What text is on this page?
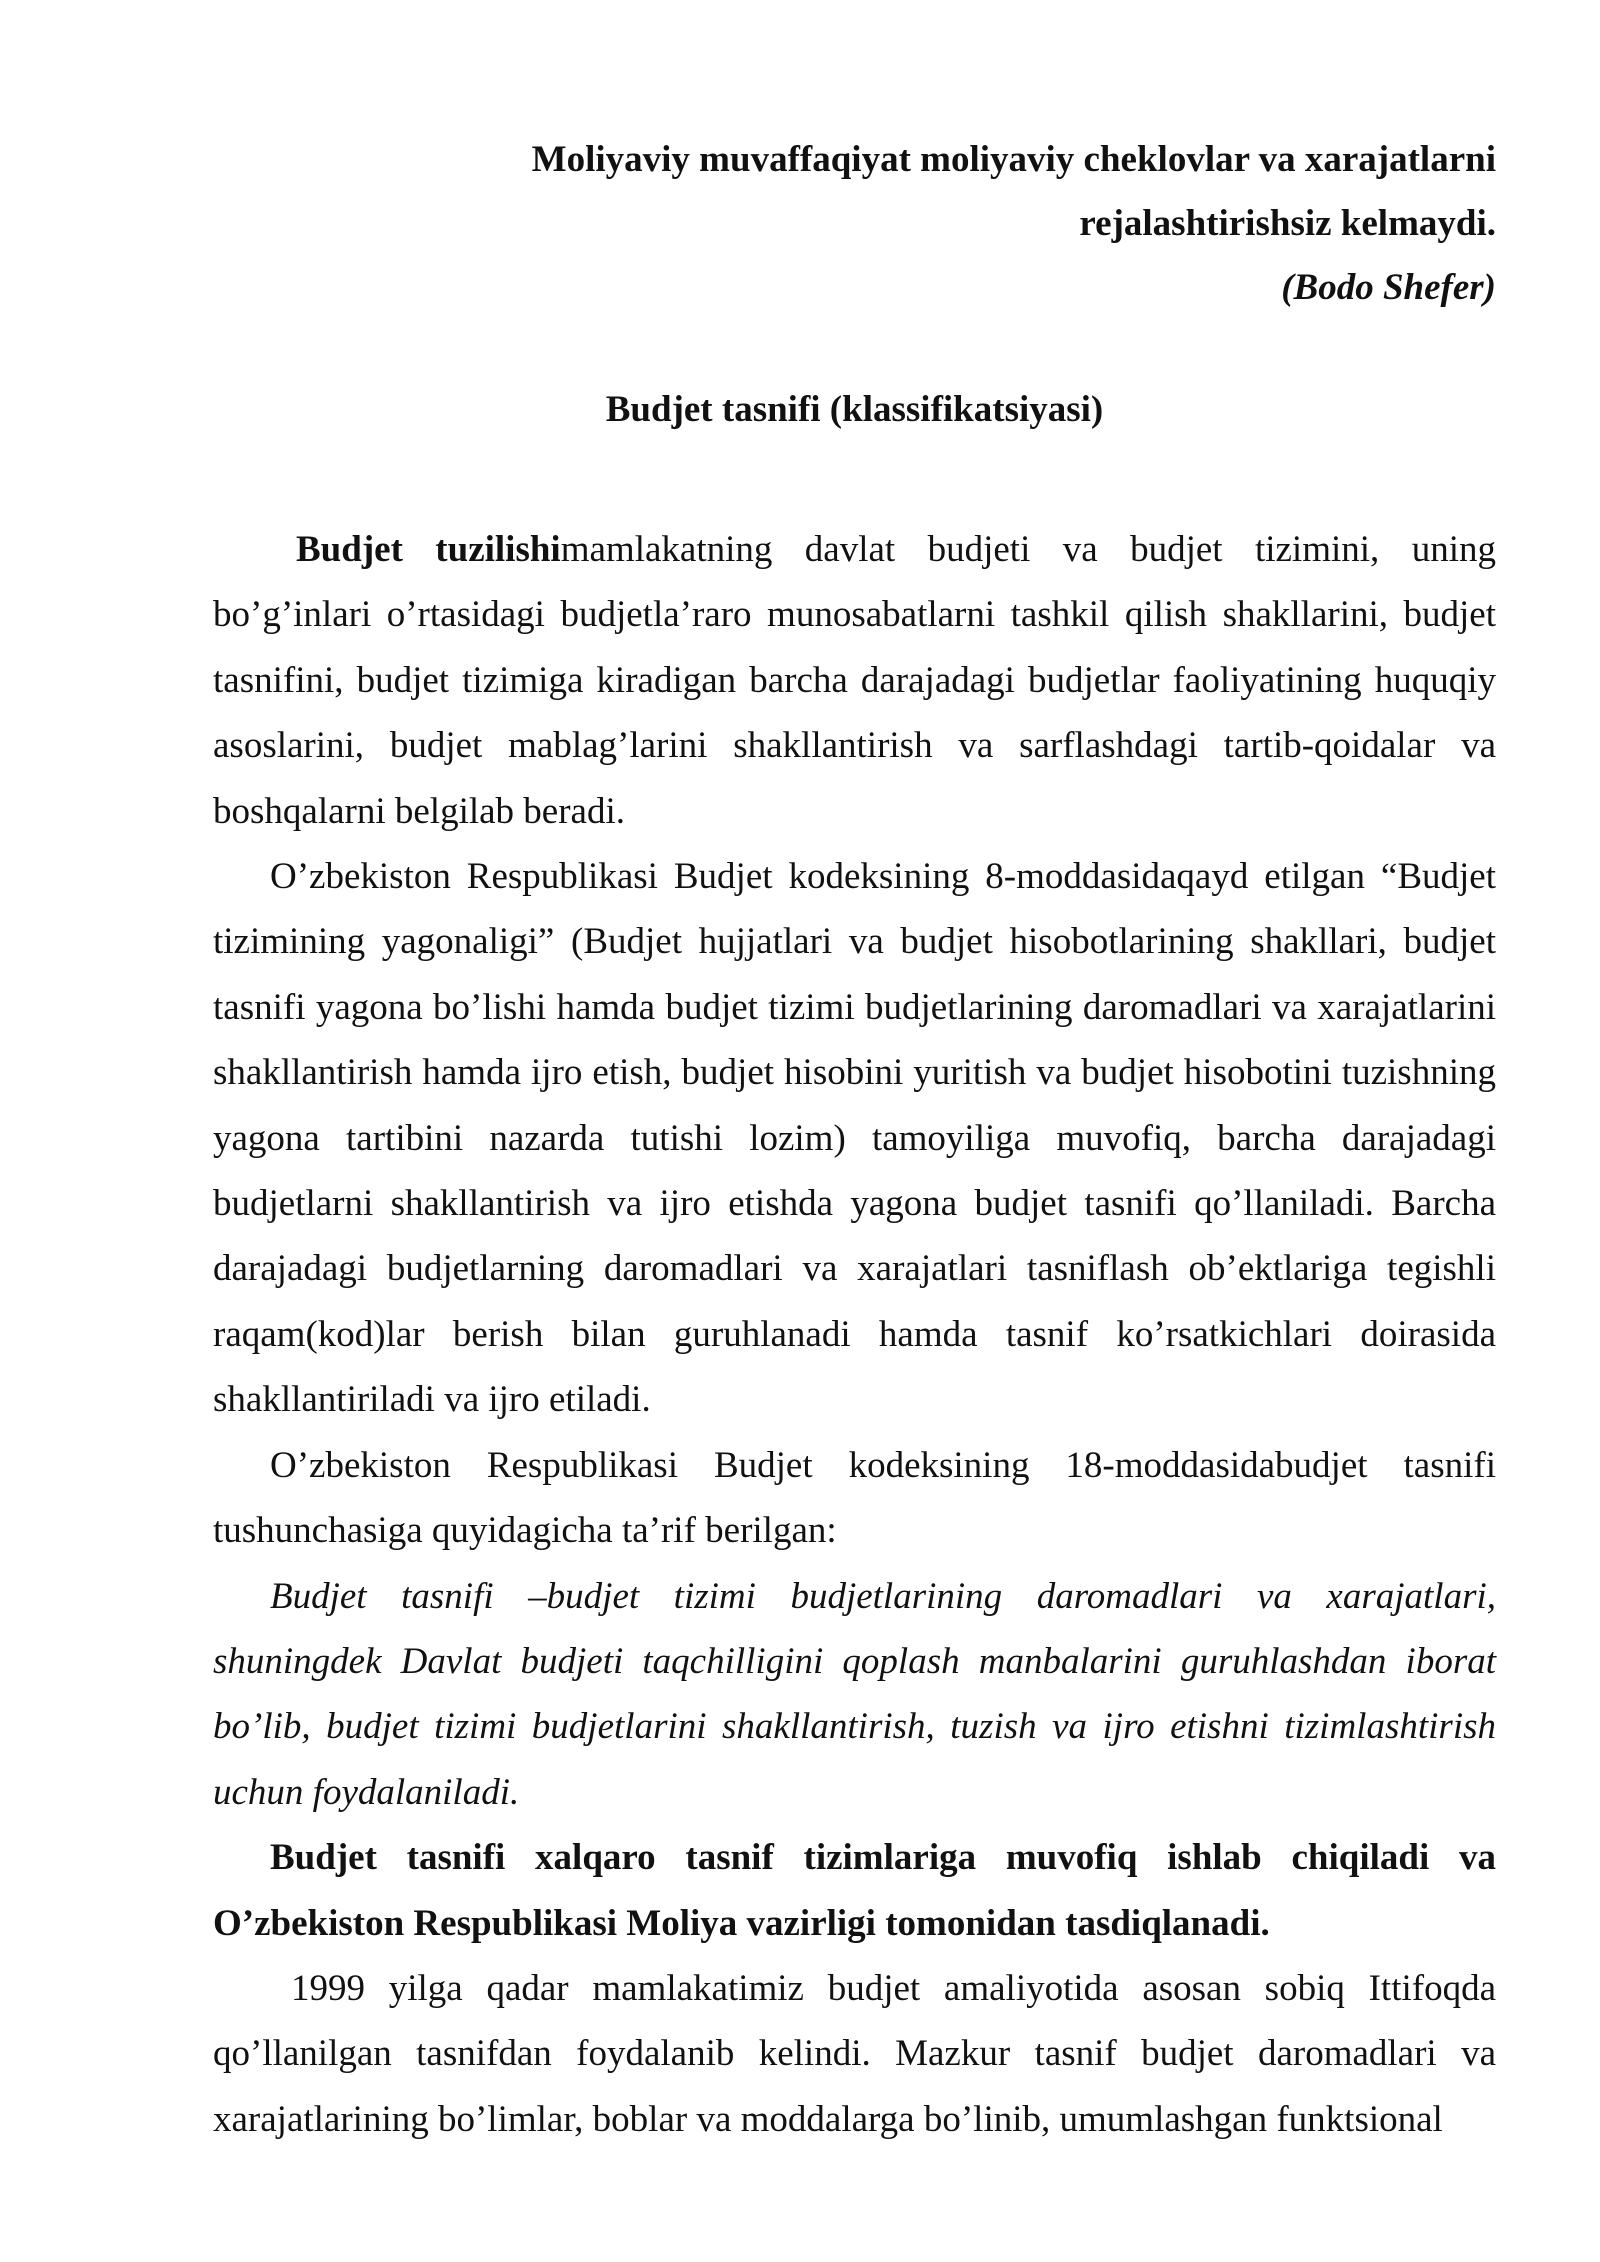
Moliyaviy muvaffaqiyat moliyaviy cheklovlar va xarajatlarni
rejalashtirishsiz kelmaydi.
(Bodo Shefer)
Budjet tasnifi (klassifikatsiyasi)

Budjet tuzilishimamlakatning davlat budjeti va budjet tizimini, uning bo’g’inlari o’rtasidagi budjetla’raro munosabatlarni tashkil qilish shakllarini, budjet tasnifini, budjet tizimiga kiradigan barcha darajadagi budjetlar faoliyatining huquqiy asoslarini, budjet mablag’larini shakllantirish va sarflashdagi tartib-qoidalar va boshqalarni belgilab beradi.

O’zbekiston Respublikasi Budjet kodeksining 8-moddasidaqayd etilgan “Budjet tizimining yagonaligi” (Budjet hujjatlari va budjet hisobotlarining shakllari, budjet tasnifi yagona bo’lishi hamda budjet tizimi budjetlarining daromadlari va xarajatlarini shakllantirish hamda ijro etish, budjet hisobini yuritish va budjet hisobotini tuzishning yagona tartibini nazarda tutishi lozim) tamoyiliga muvofiq, barcha darajadagi budjetlarni shakllantirish va ijro etishda yagona budjet tasnifi qo’llaniladi. Barcha darajadagi budjetlarning daromadlari va xarajatlari tasniflash ob’ektlariga tegishli raqam(kod)lar berish bilan guruhlanadi hamda tasnif ko’rsatkichlari doirasida shakllantiriladi va ijro etiladi.

O’zbekiston Respublikasi Budjet kodeksining 18-moddasidabudjet tasnifi tushunchasiga quyidagicha ta’rif berilgan:

Budjet tasnifi –budjet tizimi budjetlarining daromadlari va xarajatlari, shuningdek Davlat budjeti taqchilligini qoplash manbalarini guruhlashdan iborat bo’lib, budjet tizimi budjetlarini shakllantirish, tuzish va ijro etishni tizimlashtirish uchun foydalaniladi.

Budjet tasnifi xalqaro tasnif tizimlariga muvofiq ishlab chiqiladi va O’zbekiston Respublikasi Moliya vazirligi tomonidan tasdiqlanadi.

1999 yilga qadar mamlakatimiz budjet amaliyotida asosan sobiq Ittifoqda qo’llanilgan tasnifdan foydalanib kelindi. Mazkur tasnif budjet daromadlari va xarajatlarining bo’limlar, boblar va moddalarga bo’linib, umumlashgan funktsional
